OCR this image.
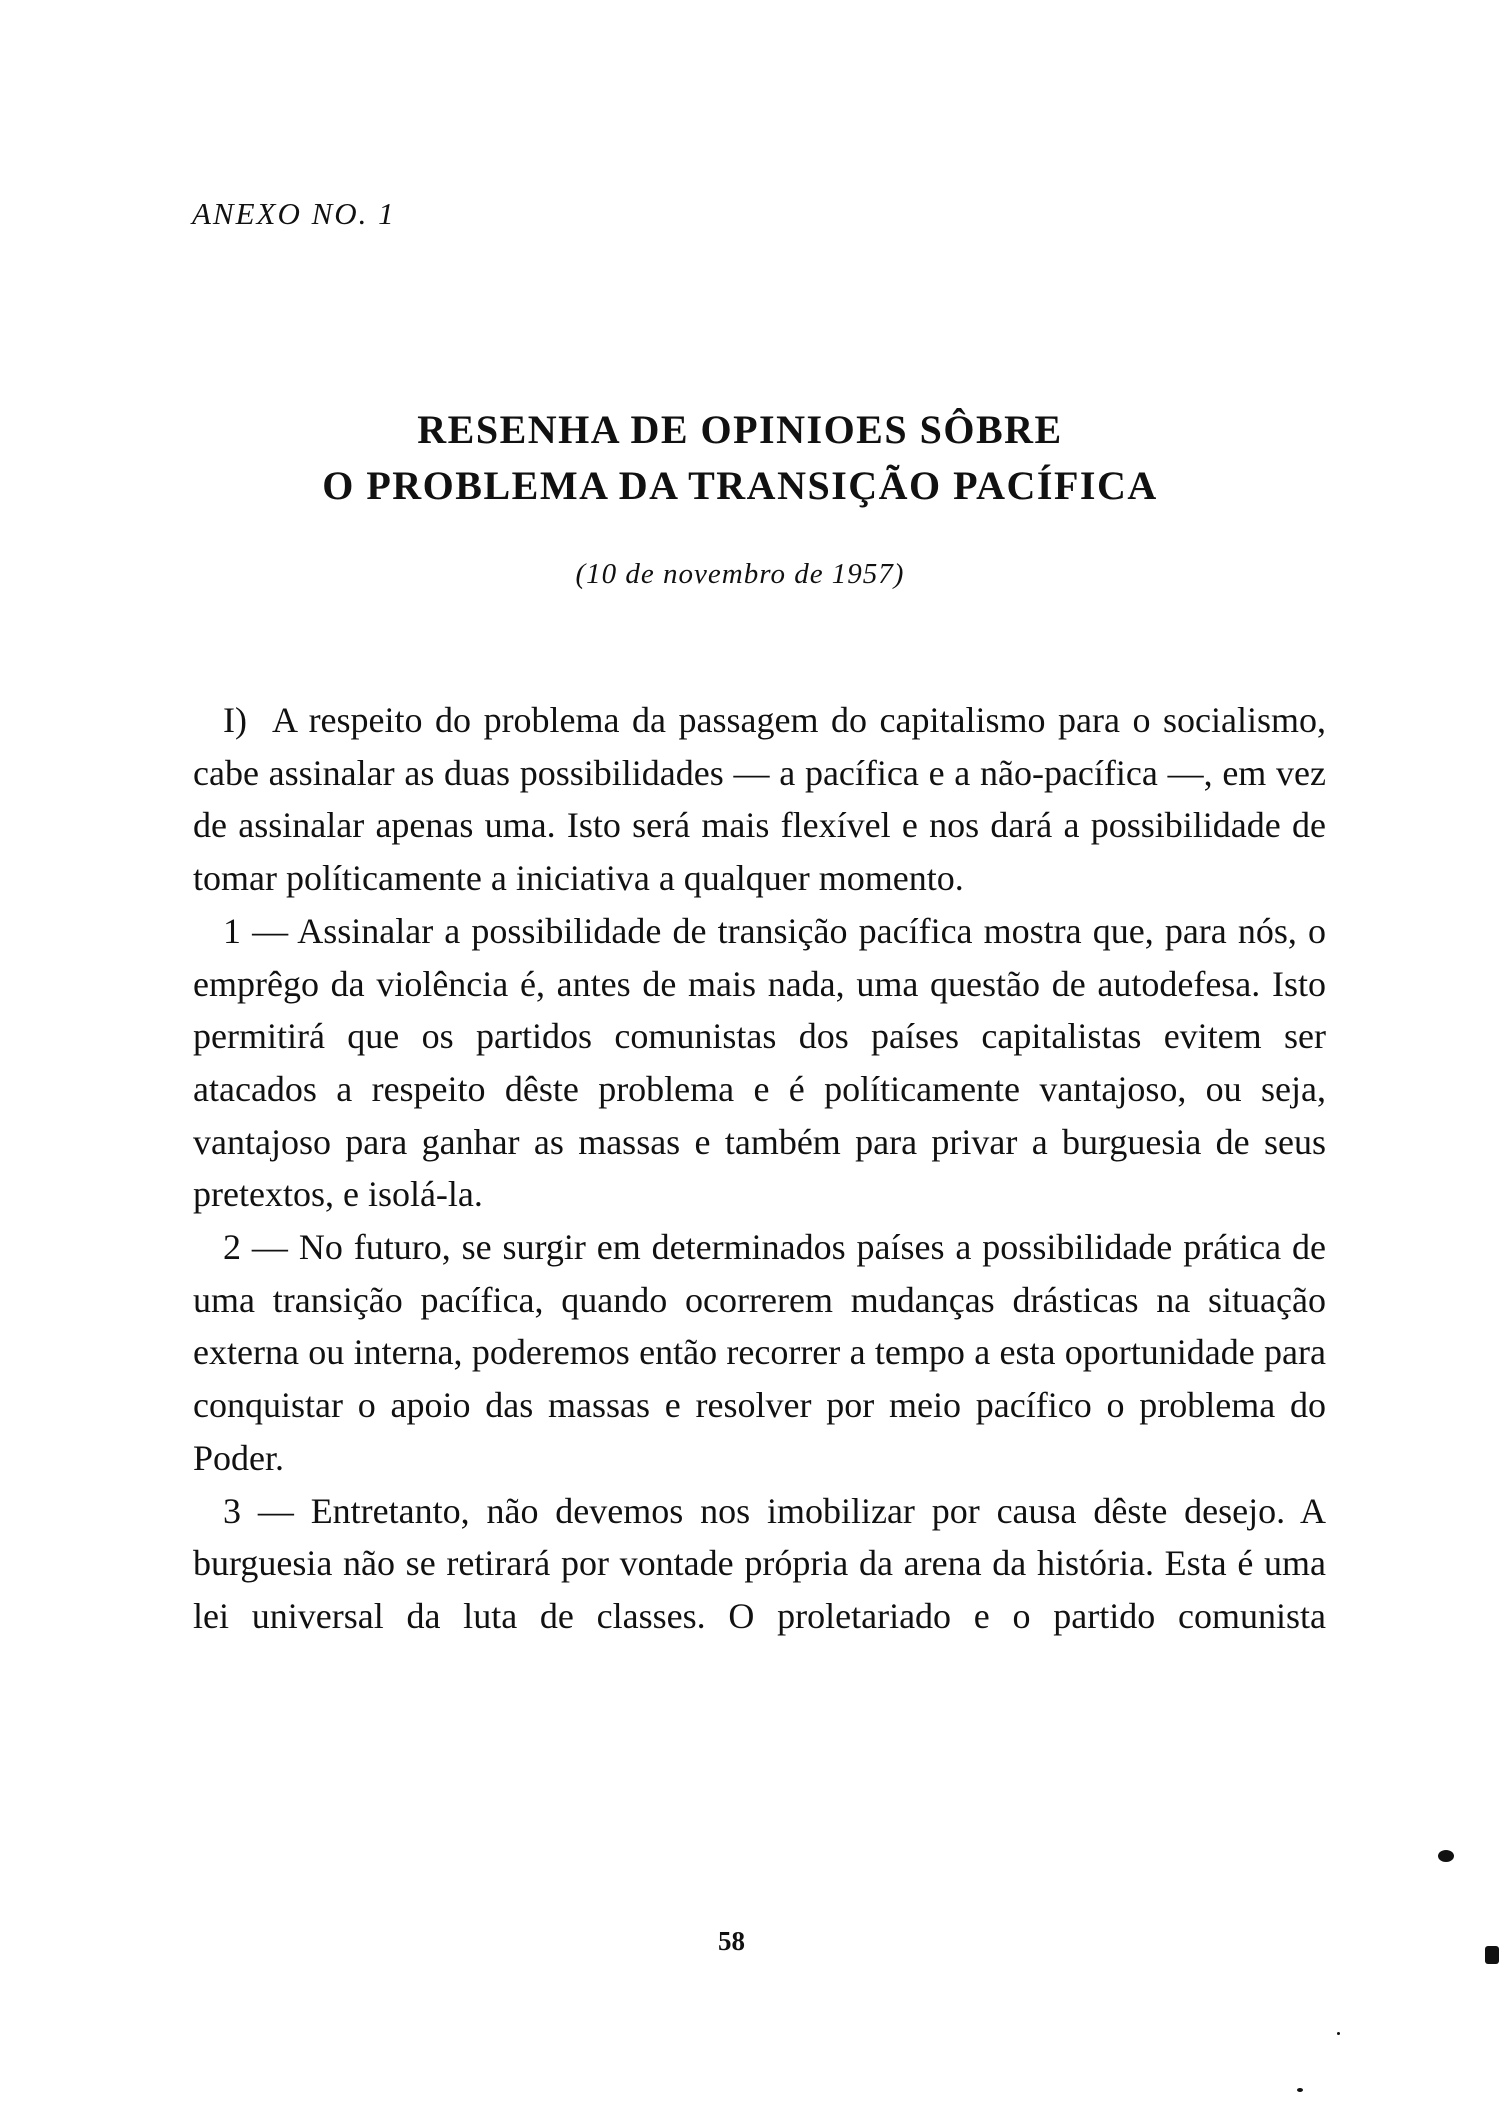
ANEXO NO. 1
RESENHA DE OPINIOES SÔBRE
O PROBLEMA DA TRANSIÇÃO PACÍFICA

(10 de novembro de 1957)

I) A respeito do problema da passagem do capitalismo para o socialismo, cabe assinalar as duas possibilidades — a pacífica e a não-pacífica —, em vez de assinalar apenas uma. Isto será mais flexível e nos dará a possibilidade de tomar políticamente a iniciativa a qualquer momento.

1 — Assinalar a possibilidade de transição pacífica mostra que, para nós, o emprêgo da violência é, antes de mais nada, uma questão de autodefesa. Isto permitirá que os partidos comunistas dos países capitalistas evitem ser atacados a respeito dêste problema e é políticamente vantajoso, ou seja, vantajoso para ganhar as massas e também para privar a burguesia de seus pretextos, e isolá-la.

2 — No futuro, se surgir em determinados países a possibilidade prática de uma transição pacífica, quando ocorrerem mudanças drásticas na situação externa ou interna, poderemos então recorrer a tempo a esta oportunidade para conquistar o apoio das massas e resolver por meio pacífico o problema do Poder.

3 — Entretanto, não devemos nos imobilizar por causa dêste desejo. A burguesia não se retirará por vontade própria da arena da história. Esta é uma lei universal da luta de classes. O proletariado e o partido comunista

58
